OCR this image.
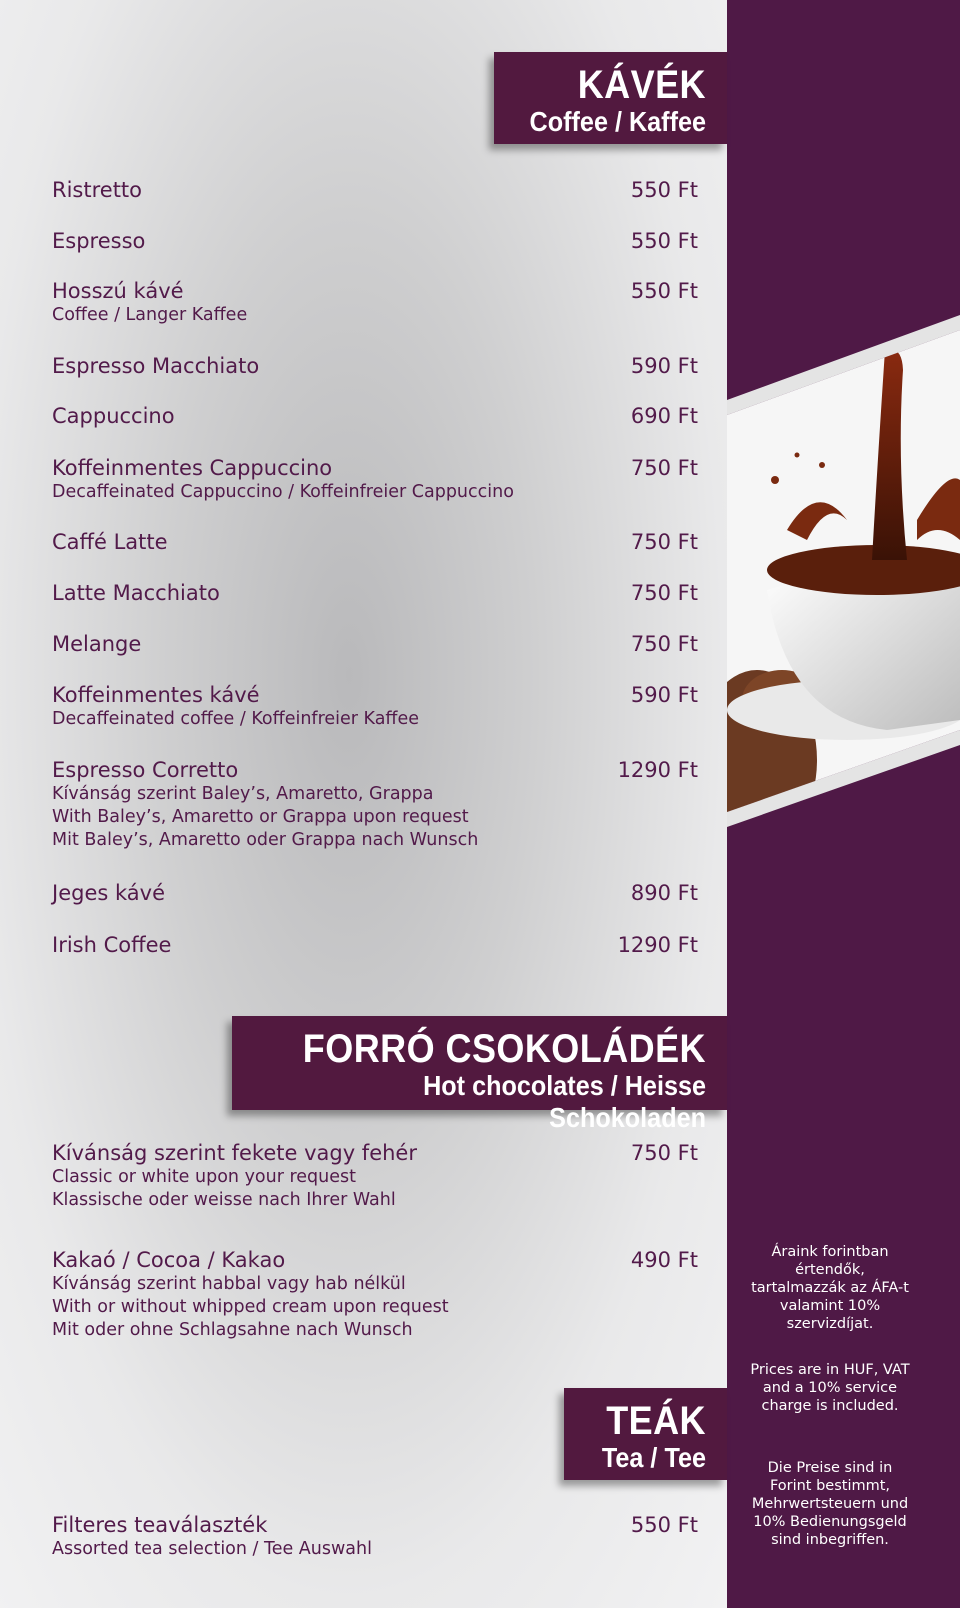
KÁVÉK
Coffee / Kaffee
Ristretto	550 Ft
Espresso	550 Ft
Hosszú kávé
Coffee / Langer Kaffee
550 Ft
Espresso Macchiato	590 Ft
Cappuccino	690 Ft
Koffeinmentes Cappuccino
Decaffeinated Cappuccino / Koffeinfreier Cappuccino
750 Ft
Caffé Latte	750 Ft
Latte Macchiato	750 Ft
Melange	750 Ft
Koffeinmentes kávé
Decaffeinated coffee / Koffeinfreier Kaffee
590 Ft
Espresso Corretto
Kívánság szerint Baley’s, Amaretto, Grappa
With Baley’s, Amaretto or Grappa upon request
Mit Baley’s, Amaretto oder Grappa nach Wunsch
1290 Ft
Jeges kávé	890 Ft
Irish Coffee	1290 Ft
FORRÓ CSOKOLÁDÉK
Hot chocolates / Heisse Schokoladen
Kívánság szerint fekete vagy fehér
Classic or white upon your request
Klassische oder weisse nach Ihrer Wahl
750 Ft
Kakaó / Cocoa / Kakao
Kívánság szerint habbal vagy hab nélkül
With or without whipped cream upon request
Mit oder ohne Schlagsahne nach Wunsch
490 Ft
TEÁK
Tea / Tee
Filteres teaválaszték
Assorted tea selection / Tee Auswahl
550 Ft
Áraink forintban értendők, tartalmazzák az ÁFA-t valamint 10% szervizdíjat.
Prices are in HUF, VAT and a 10% service charge is included.
Die Preise sind in Forint bestimmt, Mehrwertsteuern und 10% Bedienungsgeld sind inbegriffen.
